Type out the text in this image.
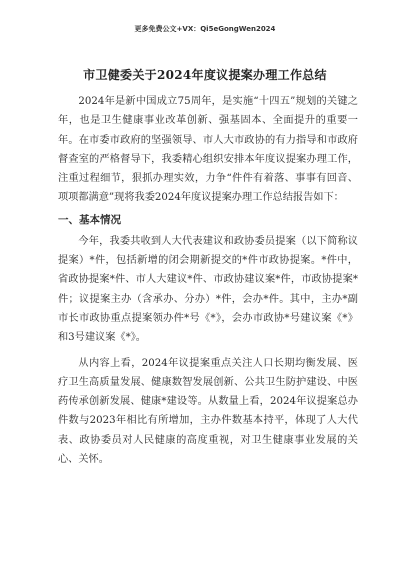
更多免费公文+VX：Qi5eGongWen2024
市卫健委关于2024年度议提案办理工作总结

2024年是新中国成立75周年，是实施“十四五”规划的关键之年，也是卫生健康事业改革创新、强基固本、全面提升的重要一年。在市委市政府的坚强领导、市人大市政协的有力指导和市政府督查室的严格督导下，我委精心组织安排本年度议提案办理工作，注重过程细节，狠抓办理实效，力争“件件有着落、事事有回音、项项都满意”现将我委2024年度议提案办理工作总结报告如下：

一、基本情况

今年，我委共收到人大代表建议和政协委员提案（以下简称议提案）*件，包括新增的闭会期新提交的*件市政协提案。*件中，省政协提案*件、市人大建议*件、市政协建议案*件，市政协提案*件；议提案主办（含承办、分办）*件，会办*件。其中，主办*副市长市政协重点提案领办件*号《*》，会办市政协*号建议案《*》和3号建议案《*》。

从内容上看，2024年议提案重点关注人口长期均衡发展、医疗卫生高质量发展、健康数智发展创新、公共卫生防护建设、中医药传承创新发展、健康*建设等。从数量上看，2024年议提案总办件数与2023年相比有所增加，主办件数基本持平，体现了人大代表、政协委员对人民健康的高度重视，对卫生健康事业发展的关心、关怀。
